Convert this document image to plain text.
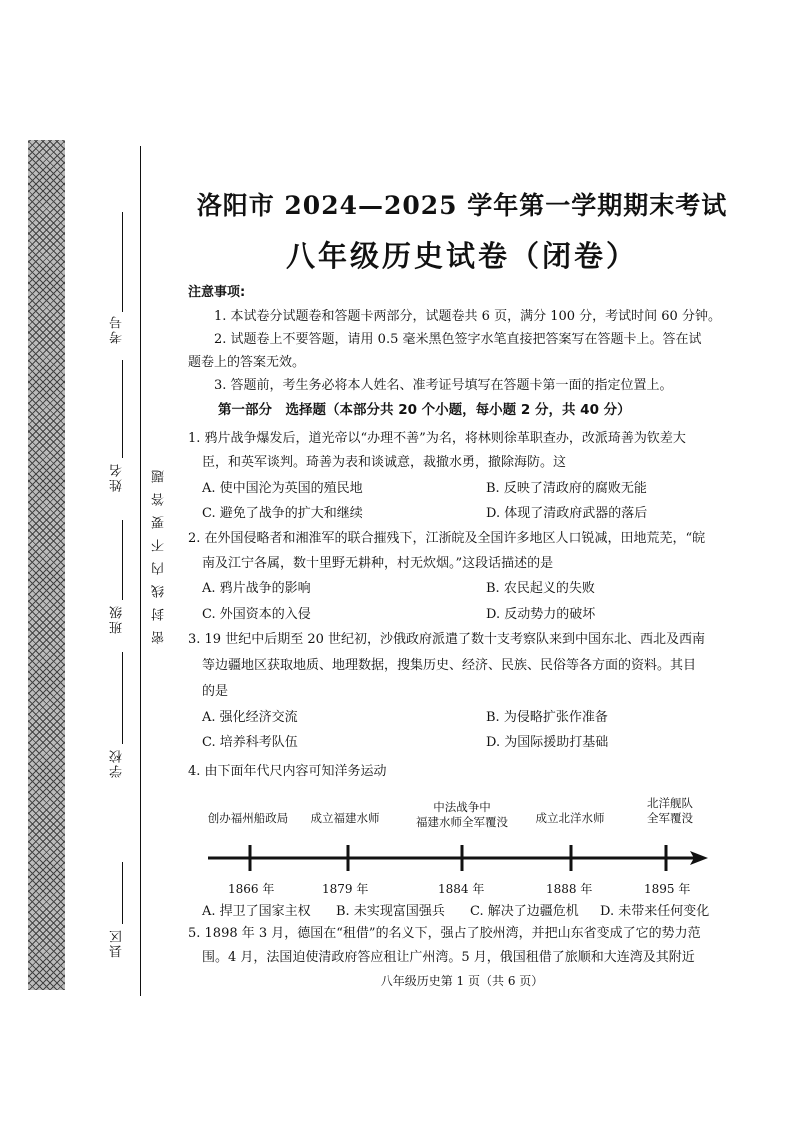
考号
姓名
班级
学校
县区
密封线内不要答题
洛阳市 2024—2025 学年第一学期期末考试
八年级历史试卷（闭卷）
注意事项:
1. 本试卷分试题卷和答题卡两部分，试题卷共 6 页，满分 100 分，考试时间 60 分钟。
2. 试题卷上不要答题，请用 0.5 毫米黑色签字水笔直接把答案写在答题卡上。答在试
题卷上的答案无效。
3. 答题前，考生务必将本人姓名、准考证号填写在答题卡第一面的指定位置上。
第一部分　选择题（本部分共 20 个小题，每小题 2 分，共 40 分）
1. 鸦片战争爆发后，道光帝以“办理不善”为名，将林则徐革职查办，改派琦善为钦差大
臣，和英军谈判。琦善为表和谈诚意，裁撤水勇，撤除海防。这
A. 使中国沦为英国的殖民地	B. 反映了清政府的腐败无能
C. 避免了战争的扩大和继续	D. 体现了清政府武器的落后
2. 在外国侵略者和湘淮军的联合摧残下，江浙皖及全国许多地区人口锐减，田地荒芜，“皖
南及江宁各属，数十里野无耕种，村无炊烟。”这段话描述的是
A. 鸦片战争的影响	B. 农民起义的失败
C. 外国资本的入侵	D. 反动势力的破坏
3. 19 世纪中后期至 20 世纪初，沙俄政府派遣了数十支考察队来到中国东北、西北及西南
等边疆地区获取地质、地理数据，搜集历史、经济、民族、民俗等各方面的资料。其目
的是
A. 强化经济交流	B. 为侵略扩张作准备
C. 培养科考队伍	D. 为国际援助打基础
4. 由下面年代尺内容可知洋务运动
创办福州船政局	成立福建水师
中法战争中
福建水师全军覆没	成立北洋水师
北洋舰队
全军覆没
1866 年	1879 年	1884 年	1888 年	1895 年
A. 捍卫了国家主权 B. 未实现富国强兵 C. 解决了边疆危机 D. 未带来任何变化
5. 1898 年 3 月，德国在“租借”的名义下，强占了胶州湾，并把山东省变成了它的势力范
围。4 月，法国迫使清政府答应租让广州湾。5 月，俄国租借了旅顺和大连湾及其附近
八年级历史第 1 页（共 6 页）
